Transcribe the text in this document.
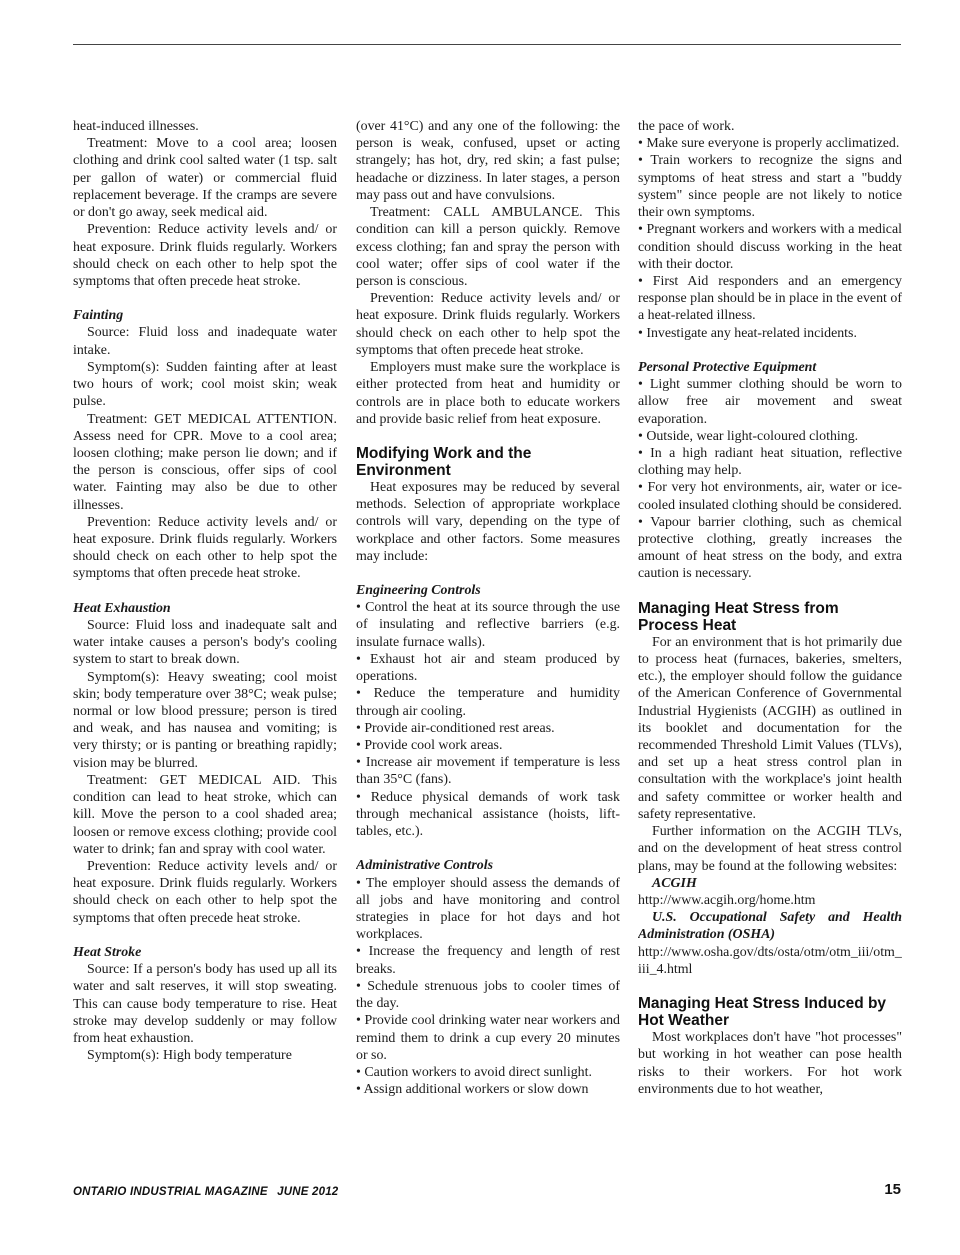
heat-induced illnesses.

Treatment: Move to a cool area; loosen clothing and drink cool salted water (1 tsp. salt per gallon of water) or commercial fluid replacement beverage. If the cramps are severe or don't go away, seek medical aid.

Prevention: Reduce activity levels and/ or heat exposure. Drink fluids regularly. Workers should check on each other to help spot the symptoms that often precede heat stroke.

Fainting

Source: Fluid loss and inadequate water intake.

Symptom(s): Sudden fainting after at least two hours of work; cool moist skin; weak pulse.

Treatment: GET MEDICAL ATTENTION. Assess need for CPR. Move to a cool area; loosen clothing; make person lie down; and if the person is conscious, offer sips of cool water. Fainting may also be due to other illnesses.

Prevention: Reduce activity levels and/ or heat exposure. Drink fluids regularly. Workers should check on each other to help spot the symptoms that often precede heat stroke.

Heat Exhaustion

Source: Fluid loss and inadequate salt and water intake causes a person's body's cooling system to start to break down.

Symptom(s): Heavy sweating; cool moist skin; body temperature over 38°C; weak pulse; normal or low blood pressure; person is tired and weak, and has nausea and vomiting; is very thirsty; or is panting or breathing rapidly; vision may be blurred.

Treatment: GET MEDICAL AID. This condition can lead to heat stroke, which can kill. Move the person to a cool shaded area; loosen or remove excess clothing; provide cool water to drink; fan and spray with cool water.

Prevention: Reduce activity levels and/ or heat exposure. Drink fluids regularly. Workers should check on each other to help spot the symptoms that often precede heat stroke.

Heat Stroke

Source: If a person's body has used up all its water and salt reserves, it will stop sweating. This can cause body temperature to rise. Heat stroke may develop suddenly or may follow from heat exhaustion.

Symptom(s): High body temperature

(over 41°C) and any one of the following: the person is weak, confused, upset or acting strangely; has hot, dry, red skin; a fast pulse; headache or dizziness. In later stages, a person may pass out and have convulsions.

Treatment: CALL AMBULANCE. This condition can kill a person quickly. Remove excess clothing; fan and spray the person with cool water; offer sips of cool water if the person is conscious.

Prevention: Reduce activity levels and/ or heat exposure. Drink fluids regularly. Workers should check on each other to help spot the symptoms that often precede heat stroke.

Employers must make sure the workplace is either protected from heat and humidity or controls are in place both to educate workers and provide basic relief from heat exposure.

Modifying Work and the Environment

Heat exposures may be reduced by several methods. Selection of appropriate workplace controls will vary, depending on the type of workplace and other factors. Some measures may include:

Engineering Controls

• Control the heat at its source through the use of insulating and reflective barriers (e.g. insulate furnace walls).

• Exhaust hot air and steam produced by operations.

• Reduce the temperature and humidity through air cooling.

• Provide air-conditioned rest areas.

• Provide cool work areas.

• Increase air movement if temperature is less than 35°C (fans).

• Reduce physical demands of work task through mechanical assistance (hoists, lift-tables, etc.).

Administrative Controls

• The employer should assess the demands of all jobs and have monitoring and control strategies in place for hot days and hot workplaces.

• Increase the frequency and length of rest breaks.

• Schedule strenuous jobs to cooler times of the day.

• Provide cool drinking water near workers and remind them to drink a cup every 20 minutes or so.

• Caution workers to avoid direct sunlight.

• Assign additional workers or slow down

the pace of work.

• Make sure everyone is properly acclimatized.

• Train workers to recognize the signs and symptoms of heat stress and start a "buddy system" since people are not likely to notice their own symptoms.

• Pregnant workers and workers with a medical condition should discuss working in the heat with their doctor.

• First Aid responders and an emergency response plan should be in place in the event of a heat-related illness.

• Investigate any heat-related incidents.

Personal Protective Equipment

• Light summer clothing should be worn to allow free air movement and sweat evaporation.

• Outside, wear light-coloured clothing.

• In a high radiant heat situation, reflective clothing may help.

• For very hot environments, air, water or ice-cooled insulated clothing should be considered.

• Vapour barrier clothing, such as chemical protective clothing, greatly increases the amount of heat stress on the body, and extra caution is necessary.

Managing Heat Stress from Process Heat

For an environment that is hot primarily due to process heat (furnaces, bakeries, smelters, etc.), the employer should follow the guidance of the American Conference of Governmental Industrial Hygienists (ACGIH) as outlined in its booklet and documentation for the recommended Threshold Limit Values (TLVs), and set up a heat stress control plan in consultation with the workplace's joint health and safety committee or worker health and safety representative.

Further information on the ACGIH TLVs, and on the development of heat stress control plans, may be found at the following websites:

ACGIH

http://www.acgih.org/home.htm

U.S. Occupational Safety and Health Administration (OSHA)

http://www.osha.gov/dts/osta/otm/otm_iii/otm_iii_4.html

Managing Heat Stress Induced by Hot Weather

Most workplaces don't have "hot processes" but working in hot weather can pose health risks to their workers. For hot work environments due to hot weather,

ONTARIO INDUSTRIAL MAGAZINE JUNE 2012	15
